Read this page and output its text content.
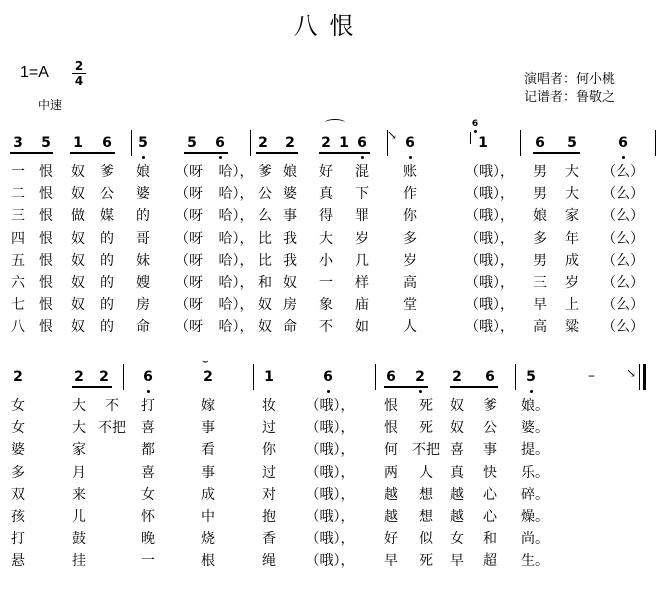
八恨
1=A 2
4
中速
演唱者：何小桃
记谱者：鲁敬之
3 5 1 6 5	5 6 2 2 2 1 6	6	1	6 5	6
↘
6
一 恨 奴 爹 娘	（呀	哈）， 爹 娘 好 混 账	（哦）， 男 大 （么）
二 恨 奴 公 婆	（呀	哈）， 公 婆 真 下 作	（哦）， 男 大 （么）
三 恨 做 媒 的	（呀	哈）， 么 事 得 罪 你	（哦）， 娘 家 （么）
四 恨 奴 的 哥	（呀	哈）， 比 我 大 岁 多	（哦）， 多 年 （么）
五 恨 奴 的 妹	（呀	哈）， 比 我 小 几 岁	（哦）， 男 成 （么）
六 恨 奴 的 嫂	（呀	哈）， 和 奴 一 样 高	（哦）， 三 岁 （么）
七 恨 奴 的 房	（呀	哈）， 奴 房 象 庙 堂	（哦）， 早 上 （么）
八 恨 奴 的 命	（呀	哈）， 奴 命 不 如 人	（哦）， 高 粱 （么）
2	2 2 6	2	1	6	6 2 2 6 5
⌣
–	↘
女	大 不 打	嫁	妆	（哦），	恨 死 奴 爹	娘。
女	大 不把	喜	事	过	（哦），	恨 死 奴 公	婆。
婆	家	都	看	你	（哦），	何	不把 喜 事	提。
多	月	喜	事	过	（哦），	两 人 真 快	乐。
双	来	女	成	对	（哦），	越 想 越 心	碎。
孩	儿	怀	中	抱	（哦），	越 想 越 心	燥。
打	鼓	晚	烧	香	（哦），	好 似 女 和	尚。
悬	挂	一	根	绳	（哦），	早 死 早 超	生。
